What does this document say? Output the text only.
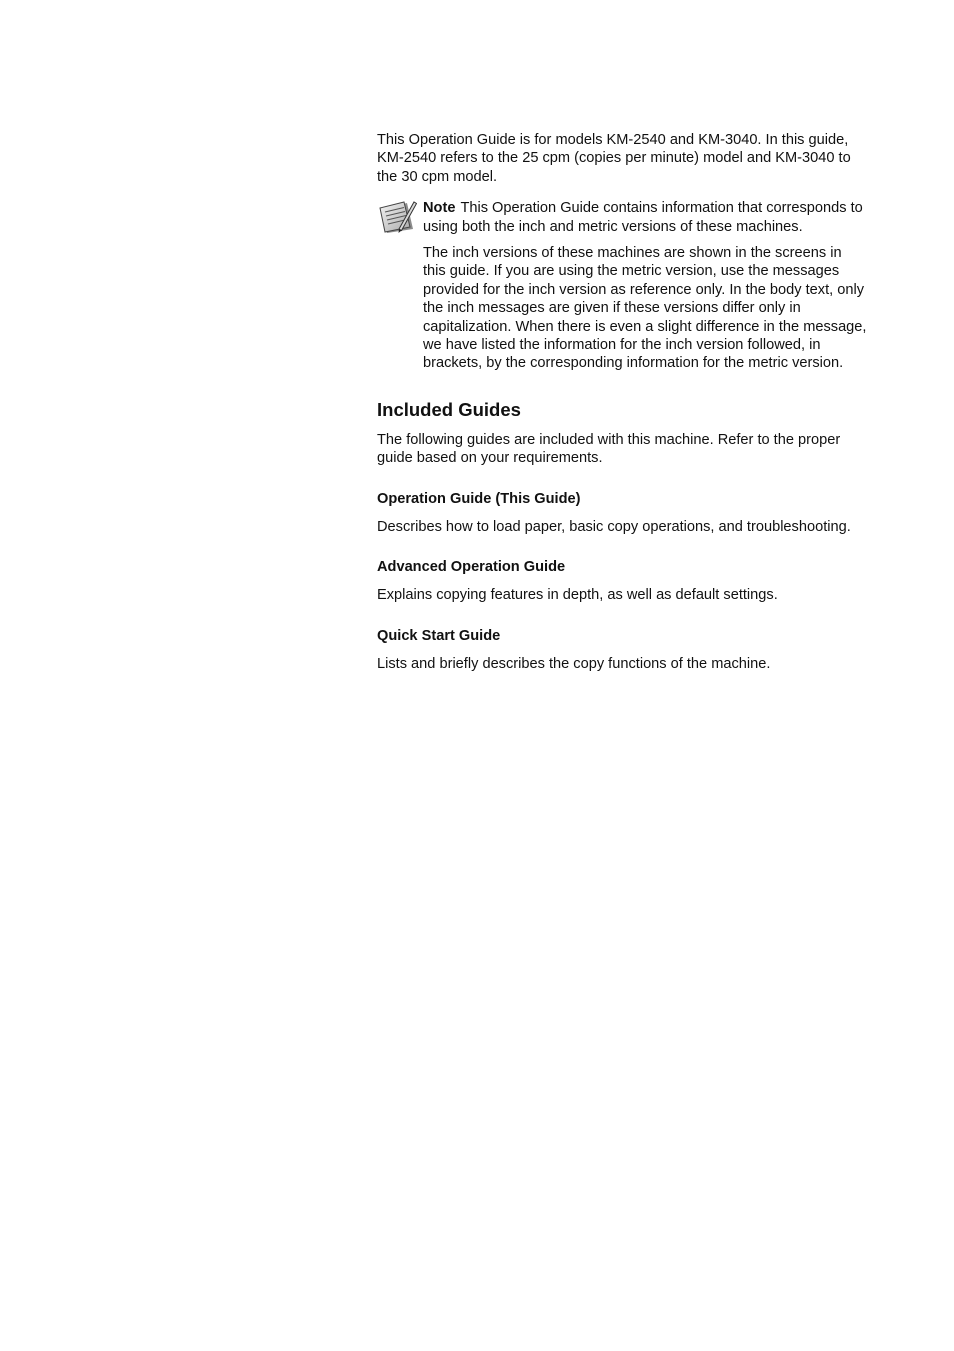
This Operation Guide is for models KM-2540 and KM-3040. In this guide, KM-2540 refers to the 25 cpm (copies per minute) model and KM-3040 to the 30 cpm model.

Note This Operation Guide contains information that corresponds to using both the inch and metric versions of these machines.

The inch versions of these machines are shown in the screens in this guide. If you are using the metric version, use the messages provided for the inch version as reference only. In the body text, only the inch messages are given if these versions differ only in capitalization. When there is even a slight difference in the message, we have listed the information for the inch version followed, in brackets, by the corresponding information for the metric version.

Included Guides

The following guides are included with this machine. Refer to the proper guide based on your requirements.

Operation Guide (This Guide)

Describes how to load paper, basic copy operations, and troubleshooting.

Advanced Operation Guide

Explains copying features in depth, as well as default settings.

Quick Start Guide

Lists and briefly describes the copy functions of the machine.
